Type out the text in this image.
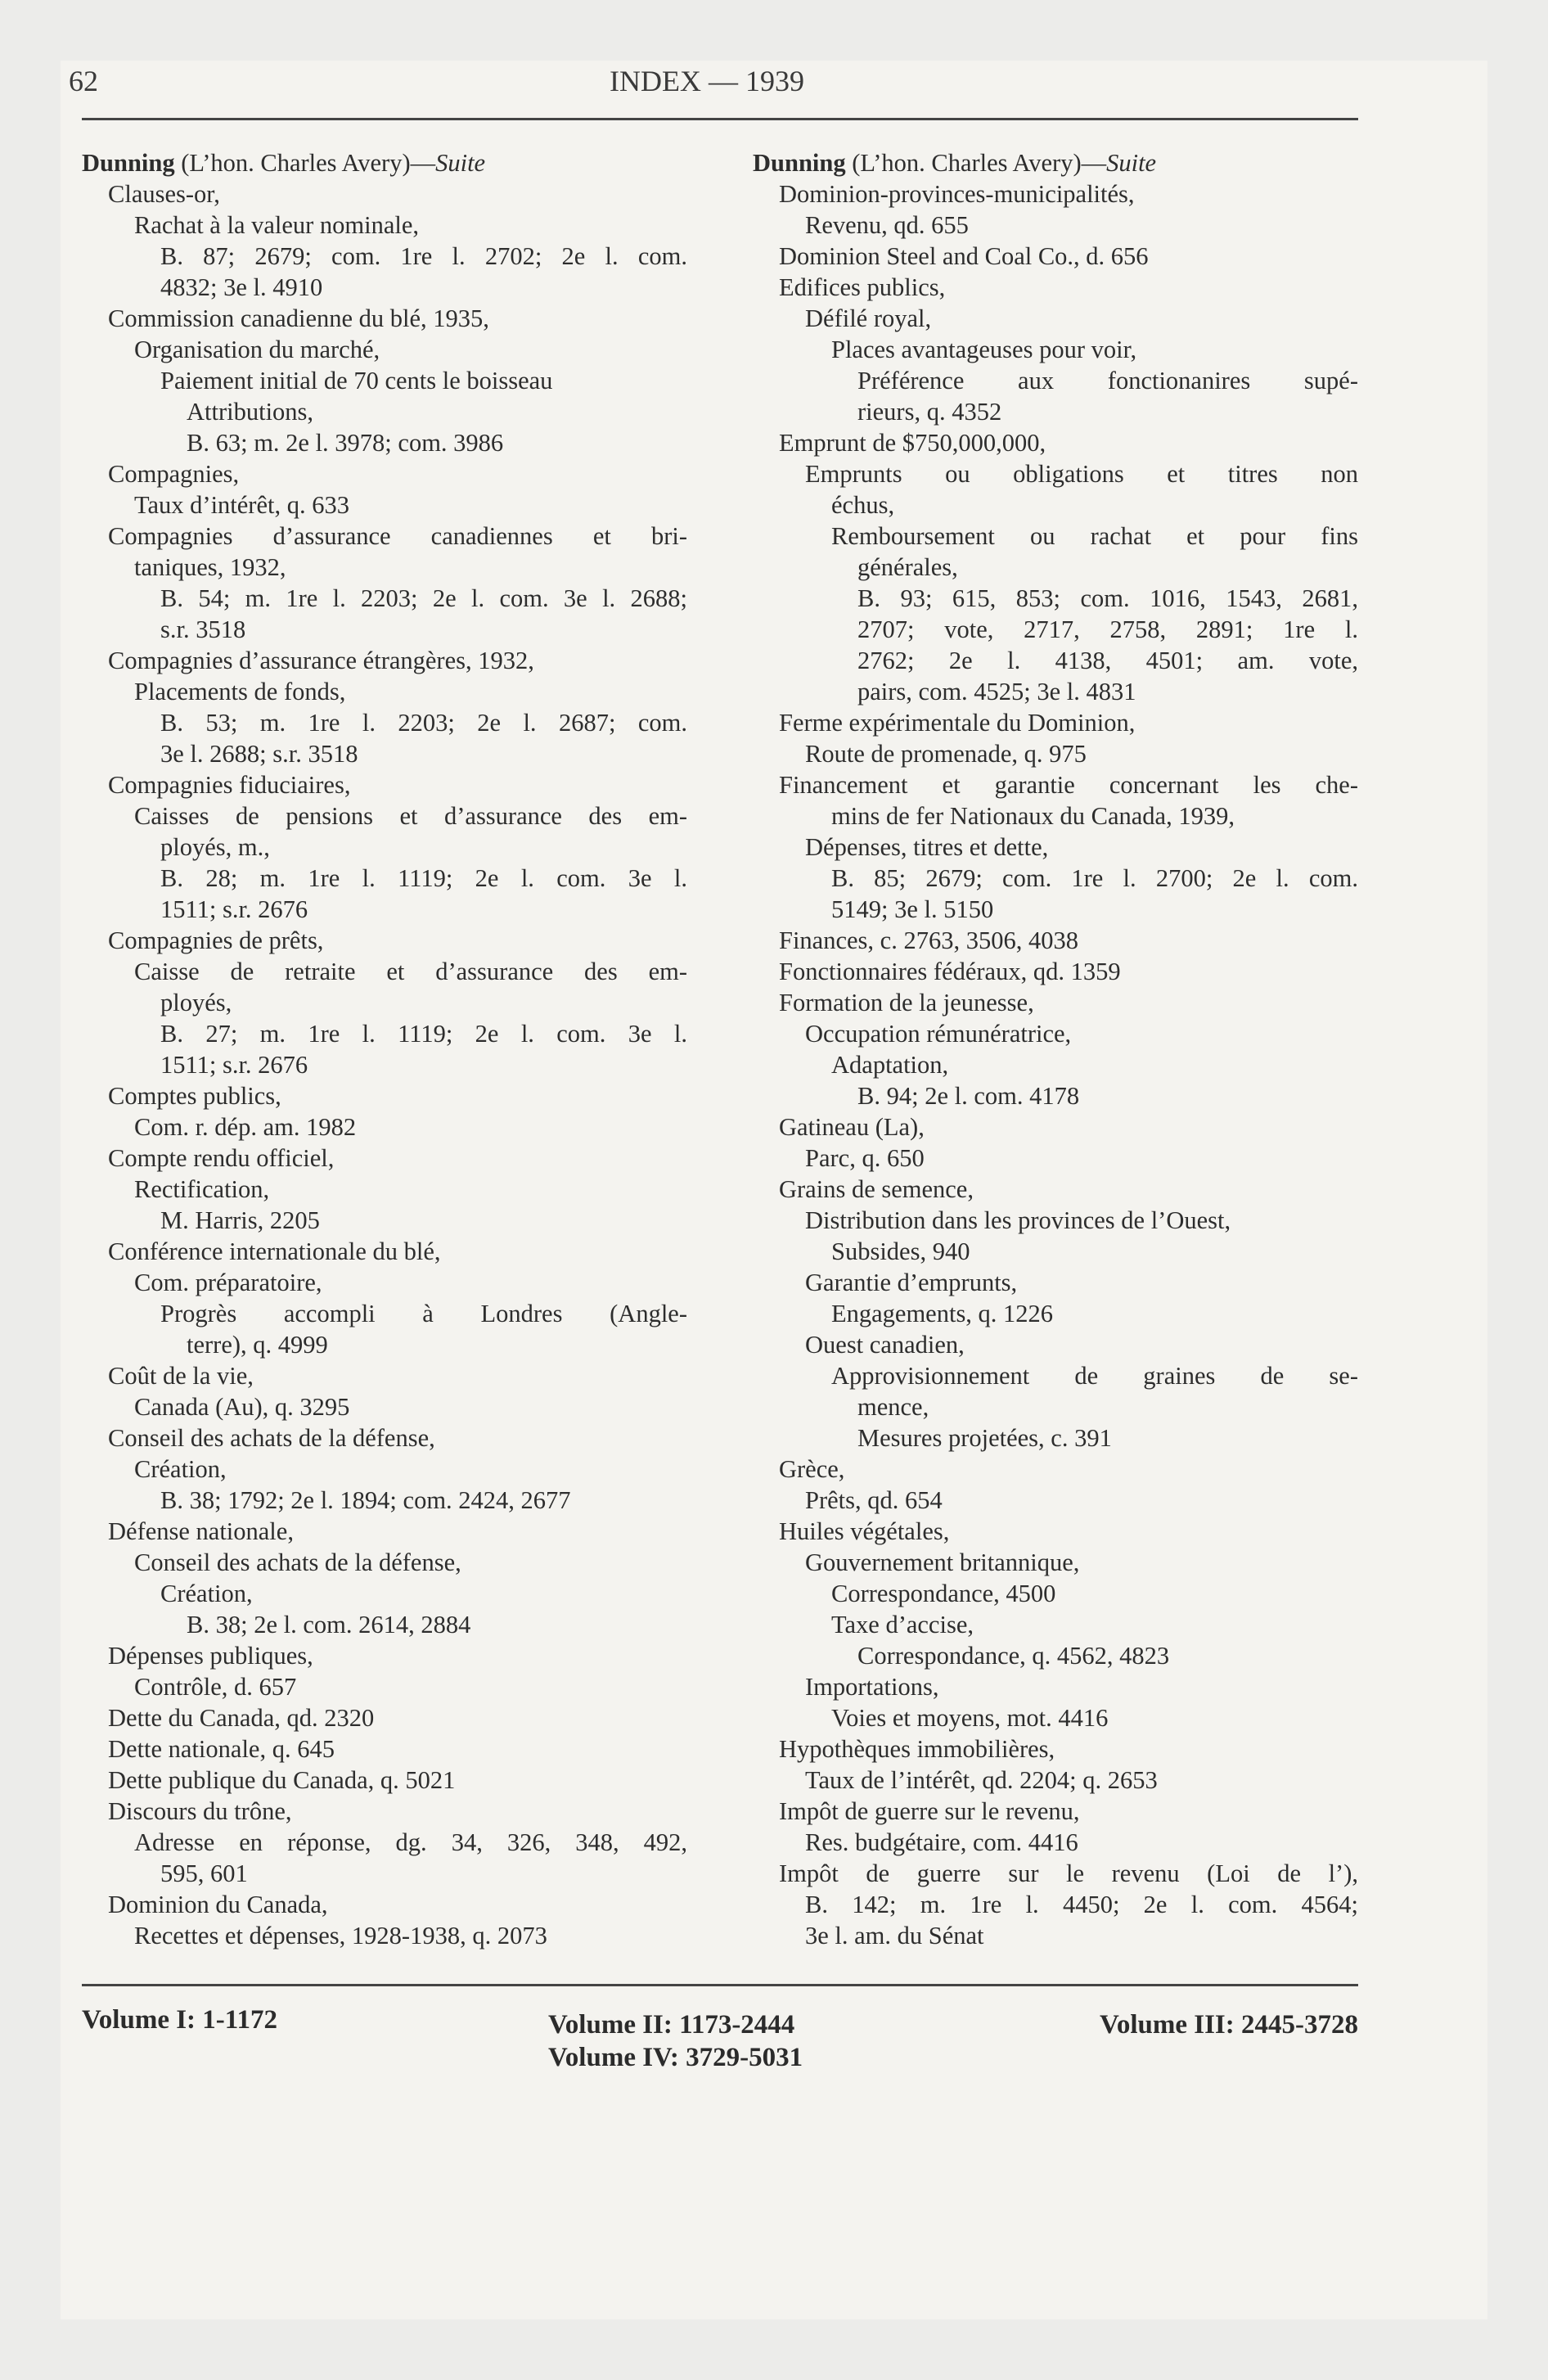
62	INDEX — 1939
Dunning (L’hon. Charles Avery)—Suite
Clauses-or,
Rachat à la valeur nominale,
B. 87; 2679; com. 1re l. 2702; 2e l. com.
4832; 3e l. 4910
Commission canadienne du blé, 1935,
Organisation du marché,
Paiement initial de 70 cents le boisseau
Attributions,
B. 63; m. 2e l. 3978; com. 3986
Compagnies,
Taux d’intérêt, q. 633
Compagnies d’assurance canadiennes et bri-
taniques, 1932,
B. 54; m. 1re l. 2203; 2e l. com. 3e l. 2688;
s.r. 3518
Compagnies d’assurance étrangères, 1932,
Placements de fonds,
B. 53; m. 1re l. 2203; 2e l. 2687; com.
3e l. 2688; s.r. 3518
Compagnies fiduciaires,
Caisses de pensions et d’assurance des em-
ployés, m.,
B. 28; m. 1re l. 1119; 2e l. com. 3e l.
1511; s.r. 2676
Compagnies de prêts,
Caisse de retraite et d’assurance des em-
ployés,
B. 27; m. 1re l. 1119; 2e l. com. 3e l.
1511; s.r. 2676
Comptes publics,
Com. r. dép. am. 1982
Compte rendu officiel,
Rectification,
M. Harris, 2205
Conférence internationale du blé,
Com. préparatoire,
Progrès accompli à Londres (Angle-
terre), q. 4999
Coût de la vie,
Canada (Au), q. 3295
Conseil des achats de la défense,
Création,
B. 38; 1792; 2e l. 1894; com. 2424, 2677
Défense nationale,
Conseil des achats de la défense,
Création,
B. 38; 2e l. com. 2614, 2884
Dépenses publiques,
Contrôle, d. 657
Dette du Canada, qd. 2320
Dette nationale, q. 645
Dette publique du Canada, q. 5021
Discours du trône,
Adresse en réponse, dg. 34, 326, 348, 492,
595, 601
Dominion du Canada,
Recettes et dépenses, 1928-1938, q. 2073
Dunning (L’hon. Charles Avery)—Suite
Dominion-provinces-municipalités,
Revenu, qd. 655
Dominion Steel and Coal Co., d. 656
Edifices publics,
Défilé royal,
Places avantageuses pour voir,
Préférence aux fonctionanires supé-
rieurs, q. 4352
Emprunt de $750,000,000,
Emprunts ou obligations et titres non
échus,
Remboursement ou rachat et pour fins
générales,
B. 93; 615, 853; com. 1016, 1543, 2681,
2707; vote, 2717, 2758, 2891; 1re l.
2762; 2e l. 4138, 4501; am. vote,
pairs, com. 4525; 3e l. 4831
Ferme expérimentale du Dominion,
Route de promenade, q. 975
Financement et garantie concernant les che-
mins de fer Nationaux du Canada, 1939,
Dépenses, titres et dette,
B. 85; 2679; com. 1re l. 2700; 2e l. com.
5149; 3e l. 5150
Finances, c. 2763, 3506, 4038
Fonctionnaires fédéraux, qd. 1359
Formation de la jeunesse,
Occupation rémunératrice,
Adaptation,
B. 94; 2e l. com. 4178
Gatineau (La),
Parc, q. 650
Grains de semence,
Distribution dans les provinces de l’Ouest,
Subsides, 940
Garantie d’emprunts,
Engagements, q. 1226
Ouest canadien,
Approvisionnement de graines de se-
mence,
Mesures projetées, c. 391
Grèce,
Prêts, qd. 654
Huiles végétales,
Gouvernement britannique,
Correspondance, 4500
Taxe d’accise,
Correspondance, q. 4562, 4823
Importations,
Voies et moyens, mot. 4416
Hypothèques immobilières,
Taux de l’intérêt, qd. 2204; q. 2653
Impôt de guerre sur le revenu,
Res. budgétaire, com. 4416
Impôt de guerre sur le revenu (Loi de l’),
B. 142; m. 1re l. 4450; 2e l. com. 4564;
3e l. am. du Sénat
Volume I: 1-1172	Volume II: 1173-2444	Volume III: 2445-3728
Volume IV: 3729-5031
